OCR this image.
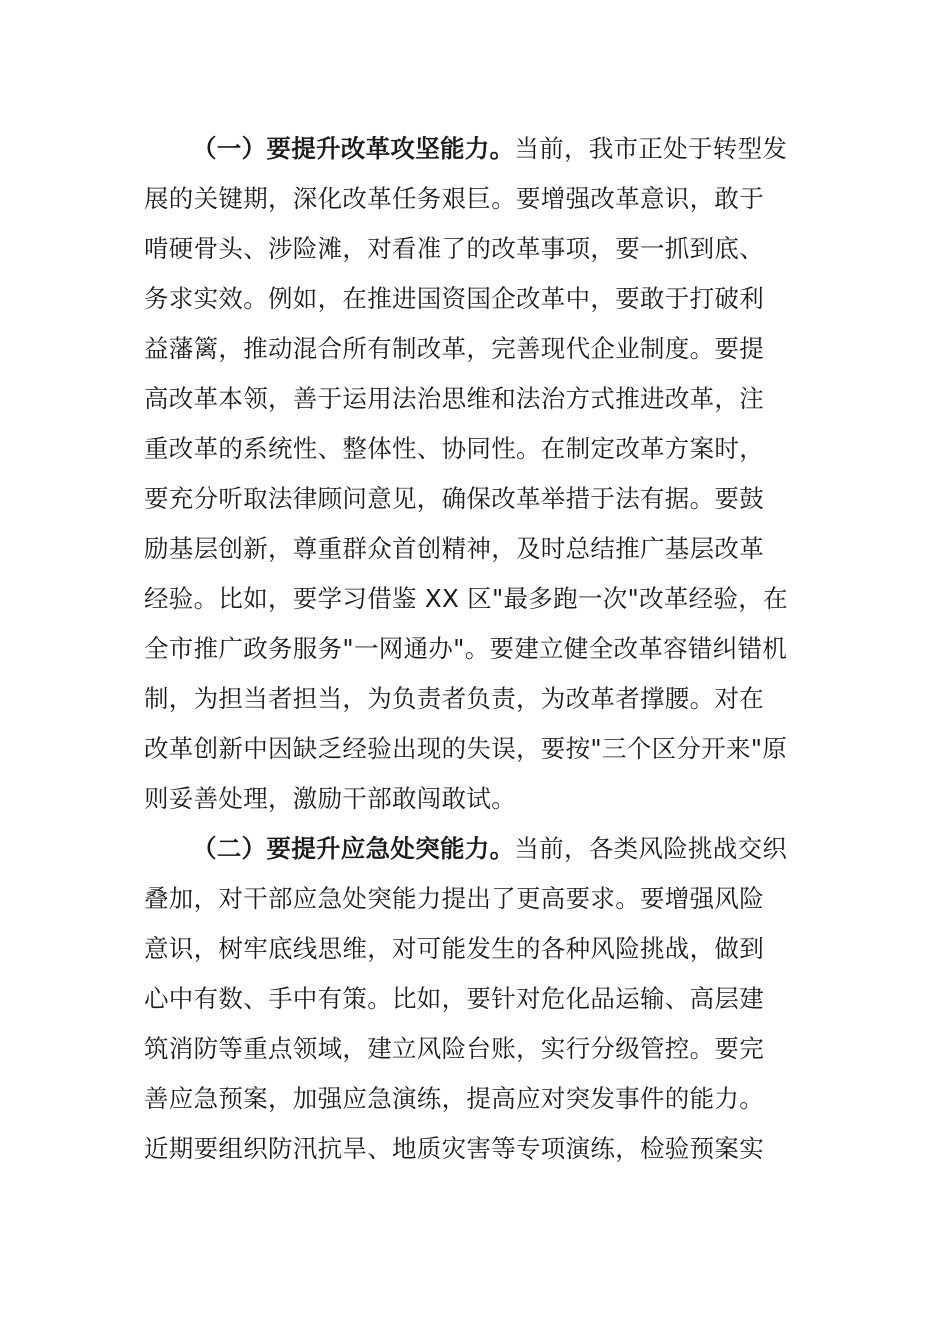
（一）要提升改革攻坚能力。当前，我市正处于转型发
展的关键期，深化改革任务艰巨。要增强改革意识，敢于
啃硬骨头、涉险滩，对看准了的改革事项，要一抓到底、
务求实效。例如，在推进国资国企改革中，要敢于打破利
益藩篱，推动混合所有制改革，完善现代企业制度。要提
高改革本领，善于运用法治思维和法治方式推进改革，注
重改革的系统性、整体性、协同性。在制定改革方案时，
要充分听取法律顾问意见，确保改革举措于法有据。要鼓
励基层创新，尊重群众首创精神，及时总结推广基层改革
经验。比如，要学习借鉴 XX 区"最多跑一次"改革经验，在
全市推广政务服务"一网通办"。要建立健全改革容错纠错机
制，为担当者担当，为负责者负责，为改革者撑腰。对在
改革创新中因缺乏经验出现的失误，要按"三个区分开来"原
则妥善处理，激励干部敢闯敢试。
（二）要提升应急处突能力。当前，各类风险挑战交织
叠加，对干部应急处突能力提出了更高要求。要增强风险
意识，树牢底线思维，对可能发生的各种风险挑战，做到
心中有数、手中有策。比如，要针对危化品运输、高层建
筑消防等重点领域，建立风险台账，实行分级管控。要完
善应急预案，加强应急演练，提高应对突发事件的能力。
近期要组织防汛抗旱、地质灾害等专项演练，检验预案实
